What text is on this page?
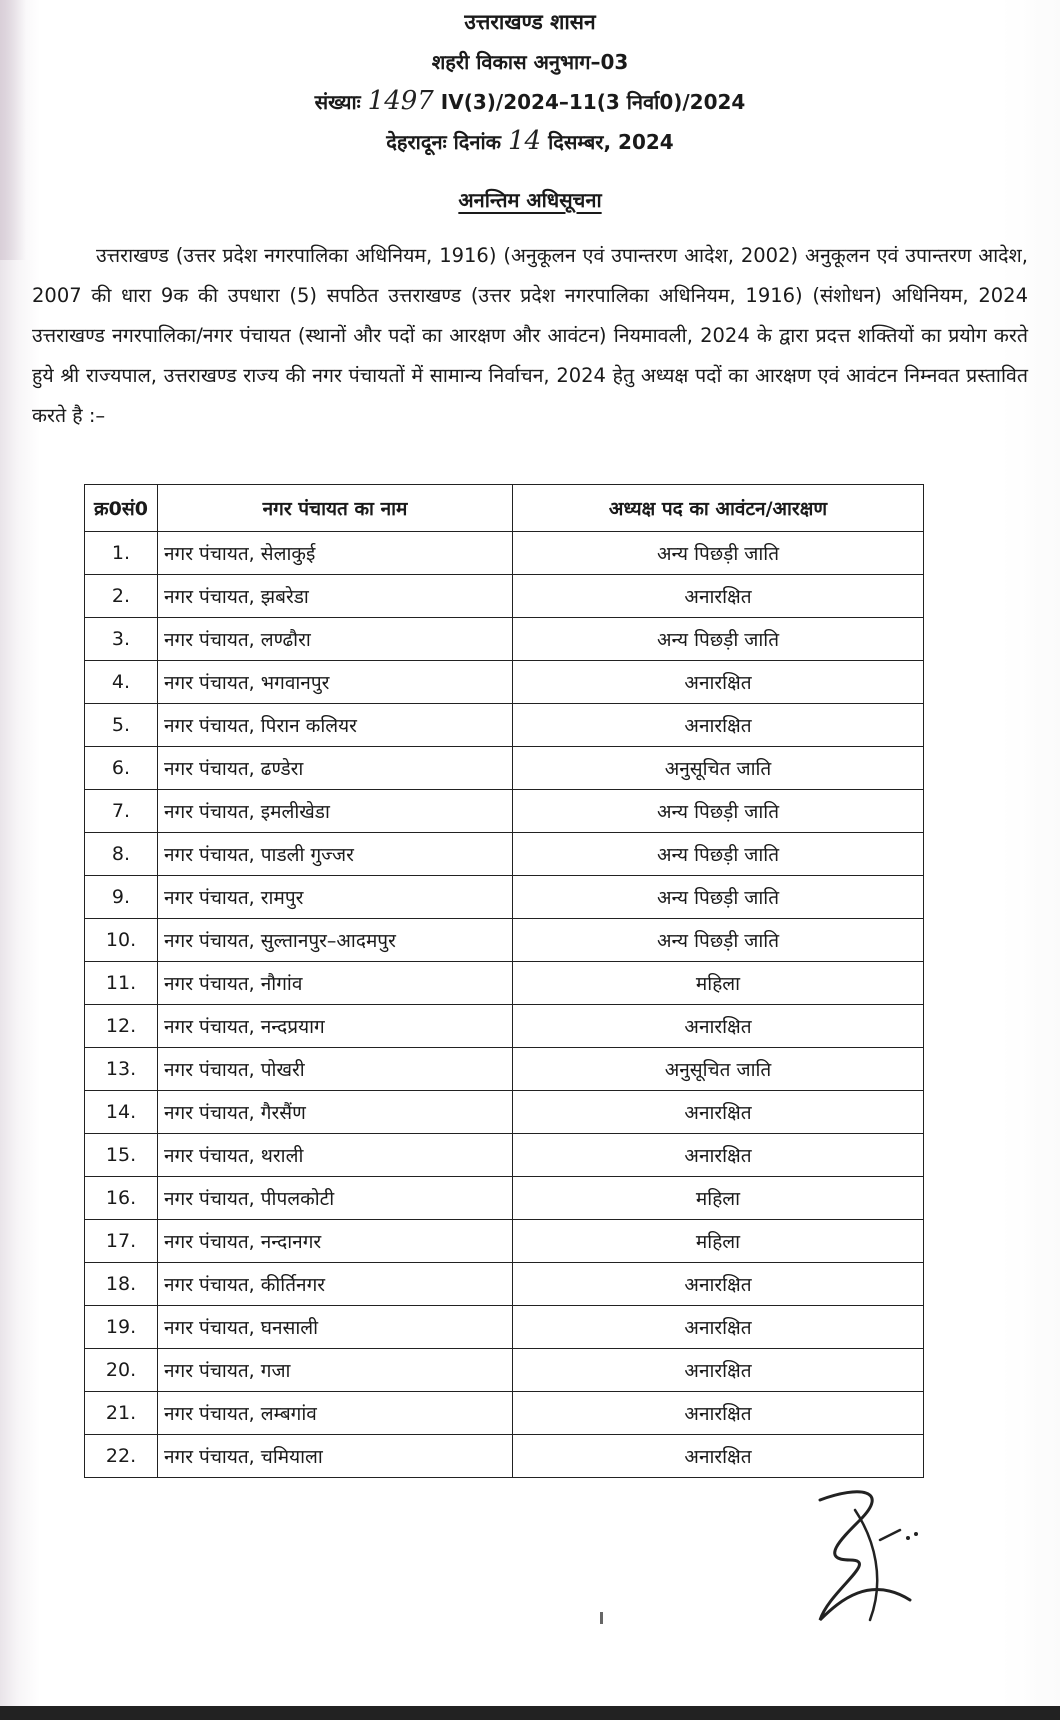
उत्तराखण्ड शासन
शहरी विकास अनुभाग–03
संख्याः 1497 IV(3)/2024–11(3 निर्वा0)/2024
देहरादूनः दिनांक 14 दिसम्बर, 2024
अनन्तिम अधिसूचना
उत्तराखण्ड (उत्तर प्रदेश नगरपालिका अधिनियम, 1916) (अनुकूलन एवं उपान्तरण आदेश, 2002) अनुकूलन एवं उपान्तरण आदेश, 2007 की धारा 9क की उपधारा (5) सपठित उत्तराखण्ड (उत्तर प्रदेश नगरपालिका अधिनियम, 1916) (संशोधन) अधिनियम, 2024 उत्तराखण्ड नगरपालिका/नगर पंचायत (स्थानों और पदों का आरक्षण और आवंटन) नियमावली, 2024 के द्वारा प्रदत्त शक्तियों का प्रयोग करते हुये श्री राज्यपाल, उत्तराखण्ड राज्य की नगर पंचायतों में सामान्य निर्वाचन, 2024 हेतु अध्यक्ष पदों का आरक्षण एवं आवंटन निम्नवत प्रस्तावित करते है :–
क्र0सं0	नगर पंचायत का नाम	अध्यक्ष पद का आवंटन/आरक्षण
1.	नगर पंचायत, सेलाकुई	अन्य पिछड़ी जाति
2.	नगर पंचायत, झबरेडा	अनारक्षित
3.	नगर पंचायत, लण्ढौरा	अन्य पिछड़ी जाति
4.	नगर पंचायत, भगवानपुर	अनारक्षित
5.	नगर पंचायत, पिरान कलियर	अनारक्षित
6.	नगर पंचायत, ढण्डेरा	अनुसूचित जाति
7.	नगर पंचायत, इमलीखेडा	अन्य पिछड़ी जाति
8.	नगर पंचायत, पाडली गुज्जर	अन्य पिछड़ी जाति
9.	नगर पंचायत, रामपुर	अन्य पिछड़ी जाति
10.	नगर पंचायत, सुल्तानपुर–आदमपुर	अन्य पिछड़ी जाति
11.	नगर पंचायत, नौगांव	महिला
12.	नगर पंचायत, नन्दप्रयाग	अनारक्षित
13.	नगर पंचायत, पोखरी	अनुसूचित जाति
14.	नगर पंचायत, गैरसैंण	अनारक्षित
15.	नगर पंचायत, थराली	अनारक्षित
16.	नगर पंचायत, पीपलकोटी	महिला
17.	नगर पंचायत, नन्दानगर	महिला
18.	नगर पंचायत, कीर्तिनगर	अनारक्षित
19.	नगर पंचायत, घनसाली	अनारक्षित
20.	नगर पंचायत, गजा	अनारक्षित
21.	नगर पंचायत, लम्बगांव	अनारक्षित
22.	नगर पंचायत, चमियाला	अनारक्षित
